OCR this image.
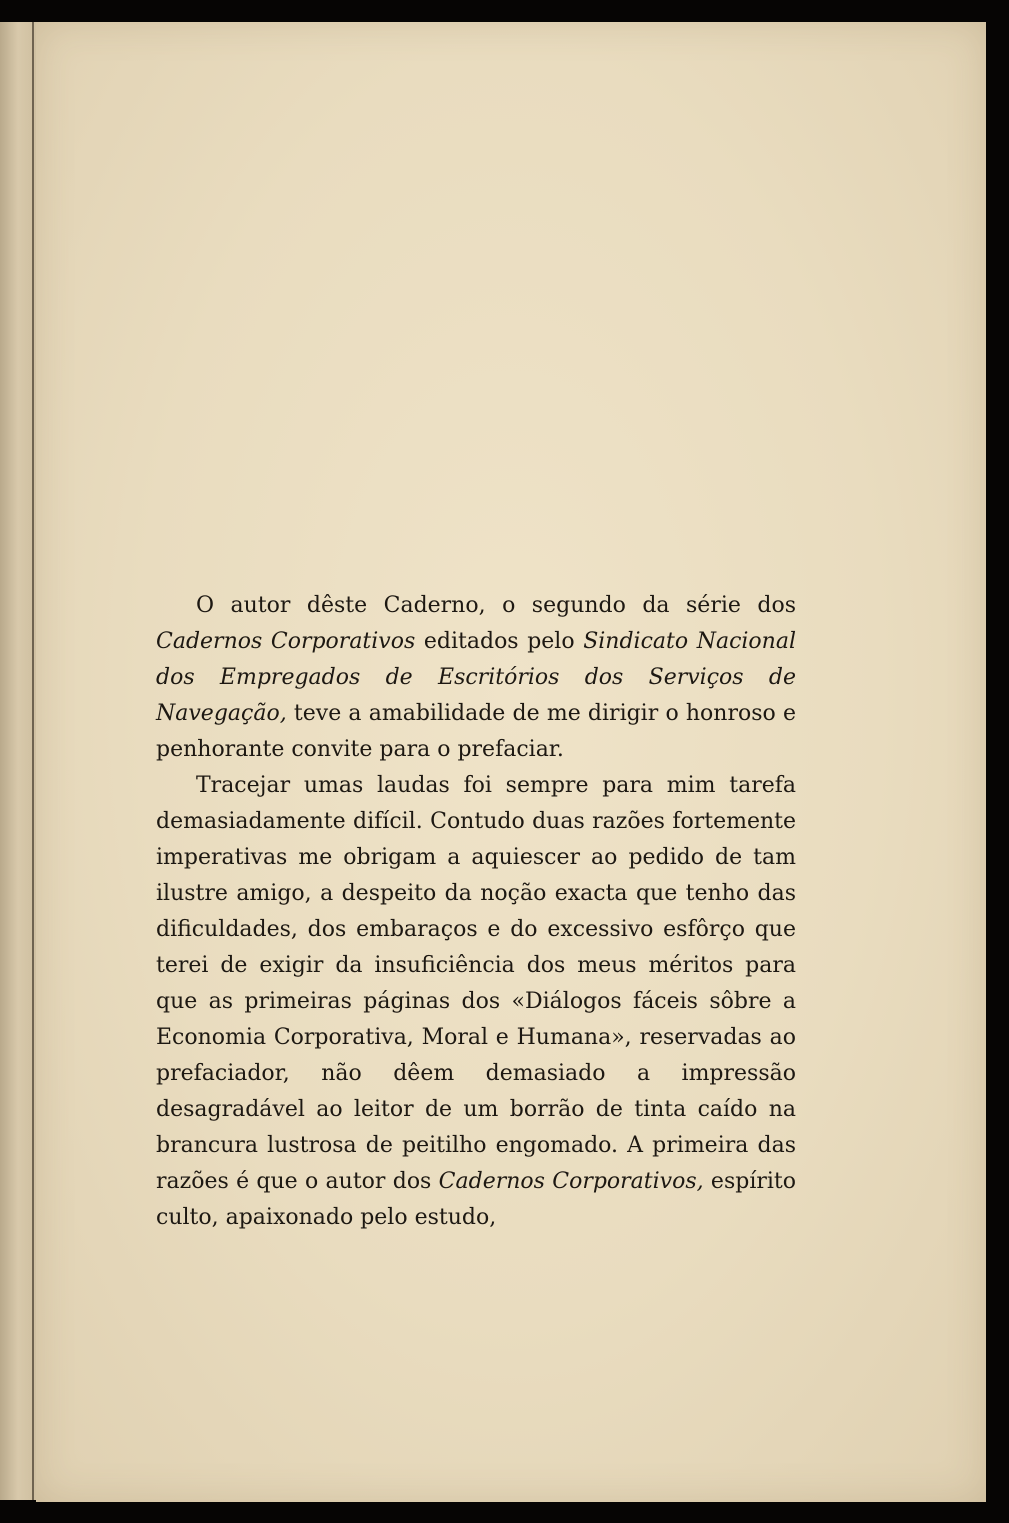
O autor dêste Caderno, o segundo da série dos Cadernos Corporativos editados pelo Sindicato Nacional dos Empregados de Escritórios dos Serviços de Navegação, teve a amabilidade de me dirigir o honroso e penhorante convite para o prefaciar.

Tracejar umas laudas foi sempre para mim tarefa demasiadamente difícil. Contudo duas razões fortemente imperativas me obrigam a aquiescer ao pedido de tam ilustre amigo, a despeito da noção exacta que tenho das dificuldades, dos embaraços e do excessivo esfôrço que terei de exigir da insuficiência dos meus méritos para que as primeiras páginas dos «Diálogos fáceis sôbre a Economia Corporativa, Moral e Humana», reservadas ao prefaciador, não dêem demasiado a impressão desagradável ao leitor de um borrão de tinta caído na brancura lustrosa de peitilho engomado. A primeira das razões é que o autor dos Cadernos Corporativos, espírito culto, apaixonado pelo estudo,
